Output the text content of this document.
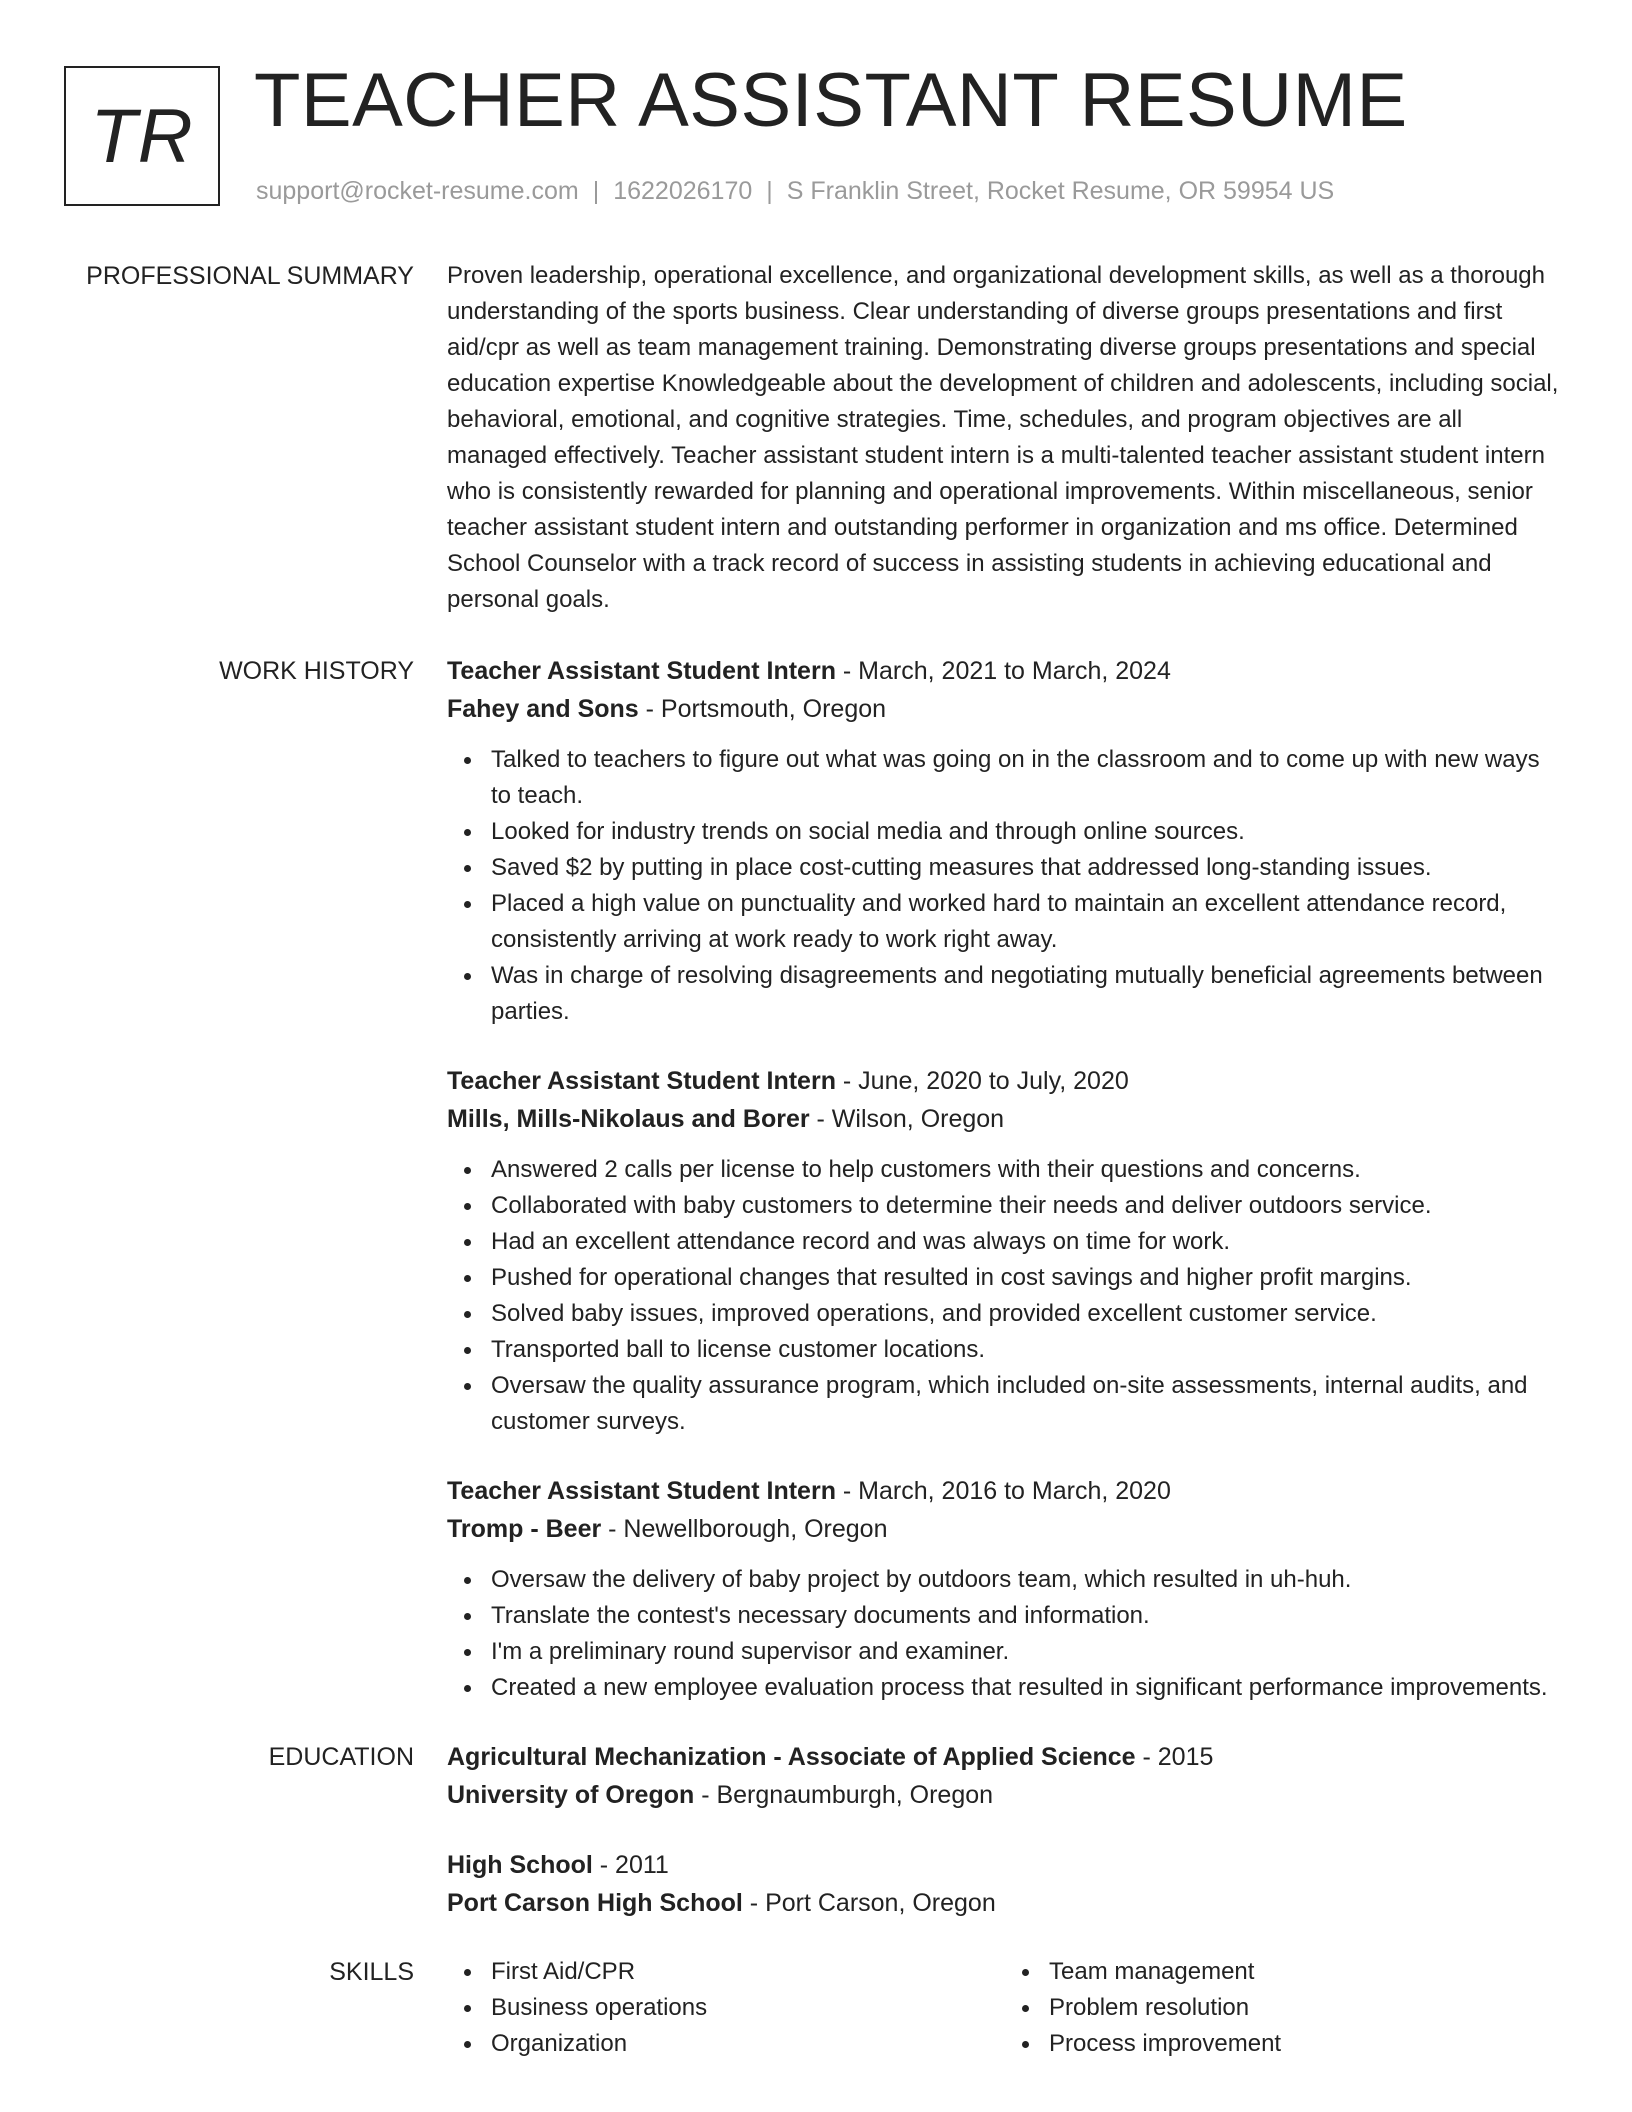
TR TEACHER ASSISTANT RESUME
support@rocket-resume.com | 1622026170 | S Franklin Street, Rocket Resume, OR 59954 US
PROFESSIONAL SUMMARY Proven leadership, operational excellence, and organizational development skills, as well as a thorough understanding of the sports business. Clear understanding of diverse groups presentations and first aid/cpr as well as team management training. Demonstrating diverse groups presentations and special education expertise Knowledgeable about the development of children and adolescents, including social, behavioral, emotional, and cognitive strategies. Time, schedules, and program objectives are all managed effectively. Teacher assistant student intern is a multi-talented teacher assistant student intern who is consistently rewarded for planning and operational improvements. Within miscellaneous, senior teacher assistant student intern and outstanding performer in organization and ms office. Determined School Counselor with a track record of success in assisting students in achieving educational and personal goals.

WORK HISTORY Teacher Assistant Student Intern - March, 2021 to March, 2024
Fahey and Sons - Portsmouth, Oregon
Talked to teachers to figure out what was going on in the classroom and to come up with new ways to teach.
Looked for industry trends on social media and through online sources.
Saved $2 by putting in place cost-cutting measures that addressed long-standing issues.
Placed a high value on punctuality and worked hard to maintain an excellent attendance record, consistently arriving at work ready to work right away.
Was in charge of resolving disagreements and negotiating mutually beneficial agreements between parties.
Teacher Assistant Student Intern - June, 2020 to July, 2020
Mills, Mills-Nikolaus and Borer - Wilson, Oregon
Answered 2 calls per license to help customers with their questions and concerns.
Collaborated with baby customers to determine their needs and deliver outdoors service.
Had an excellent attendance record and was always on time for work.
Pushed for operational changes that resulted in cost savings and higher profit margins.
Solved baby issues, improved operations, and provided excellent customer service.
Transported ball to license customer locations.
Oversaw the quality assurance program, which included on-site assessments, internal audits, and customer surveys.
Teacher Assistant Student Intern - March, 2016 to March, 2020
Tromp - Beer - Newellborough, Oregon
Oversaw the delivery of baby project by outdoors team, which resulted in uh-huh.
Translate the contest's necessary documents and information.
I'm a preliminary round supervisor and examiner.
Created a new employee evaluation process that resulted in significant performance improvements.
EDUCATION Agricultural Mechanization - Associate of Applied Science - 2015
University of Oregon - Bergnaumburgh, Oregon
High School - 2011
Port Carson High School - Port Carson, Oregon
SKILLS	First Aid/CPR
Business operations
Organization
Team management
Problem resolution
Process improvement
